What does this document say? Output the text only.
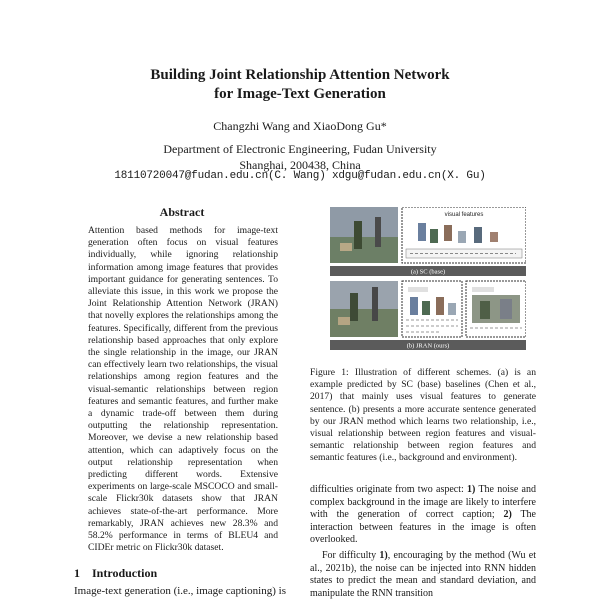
Building Joint Relationship Attention Network
for Image-Text Generation
Changzhi Wang and XiaoDong Gu*
Department of Electronic Engineering, Fudan University
Shanghai, 200438, China
18110720047@fudan.edu.cn(C. Wang) xdgu@fudan.edu.cn(X. Gu)
Abstract
Attention based methods for image-text generation often focus on visual features individually, while ignoring relationship information among image features that provides important guidance for generating sentences. To alleviate this issue, in this work we propose the Joint Relationship Attention Network (JRAN) that novelly explores the relationships among the features. Specifically, different from the previous relationship based approaches that only explore the single relationship in the image, our JRAN can effectively learn two relationships, the visual relationships among region features and the visual-semantic relationships between region features and semantic features, and further make a dynamic trade-off between them during outputting the relationship representation. Moreover, we devise a new relationship based attention, which can adaptively focus on the output relationship representation when predicting different words. Extensive experiments on large-scale MSCOCO and small-scale Flickr30k datasets show that JRAN achieves state-of-the-art performance. More remarkably, JRAN achieves new 28.3% and 58.2% performance in terms of BLEU4 and CIDEr metric on Flickr30k dataset.
1 Introduction
Image-text generation (i.e., image captioning) is
visual features
(a) SC (base)
(b) JRAN (ours)
Figure 1: Illustration of different schemes. (a) is an example predicted by SC (base) baselines (Chen et al., 2017) that mainly uses visual features to generate sentence. (b) presents a more accurate sentence generated by our JRAN method which learns two relationship, i.e., visual relationship between region features and visual-semantic relationship between region features and semantic features (i.e., background and environment).

difficulties originate from two aspect: 1) The noise and complex background in the image are likely to interfere with the generation of correct caption; 2) The interaction between features in the image is often overlooked.

For difficulty 1), encouraging by the method (Wu et al., 2021b), the noise can be injected into RNN hidden states to predict the mean and standard deviation, and manipulate the RNN transition
